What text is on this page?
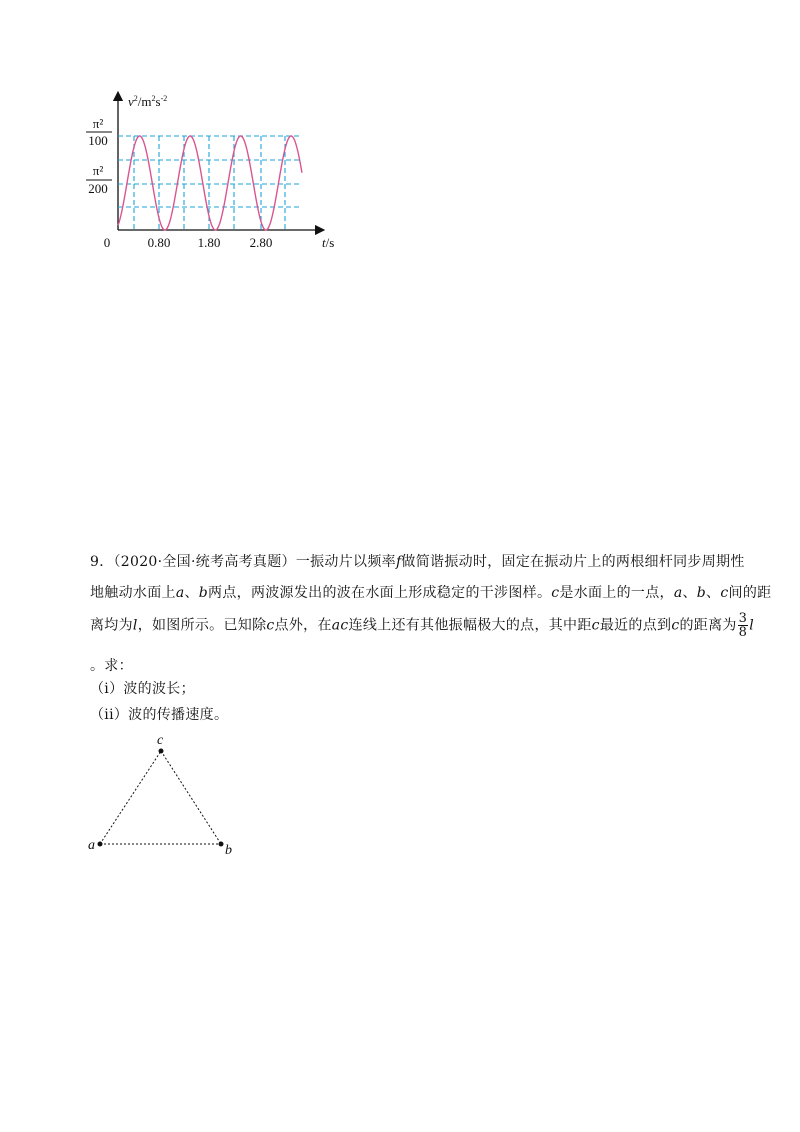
$v^2/m^2s^{-2}$
π²
100
π²
200
0	0.80 1.80 2.80	t/s
9．（2020·全国·统考高考真题）一振动片以频率f做简谐振动时，固定在振动片上的两根细杆同步周期性
地触动水面上a、b两点，两波源发出的波在水面上形成稳定的干涉图样。c是水面上的一点，a、b、c间的距
离均为l，如图所示。已知除c点外，在ac连线上还有其他振幅极大的点，其中距c最近的点到c的距离为 $\frac{3}{8}$ l
。求：
（i）波的波长；
（ii）波的传播速度。
a	b
c
